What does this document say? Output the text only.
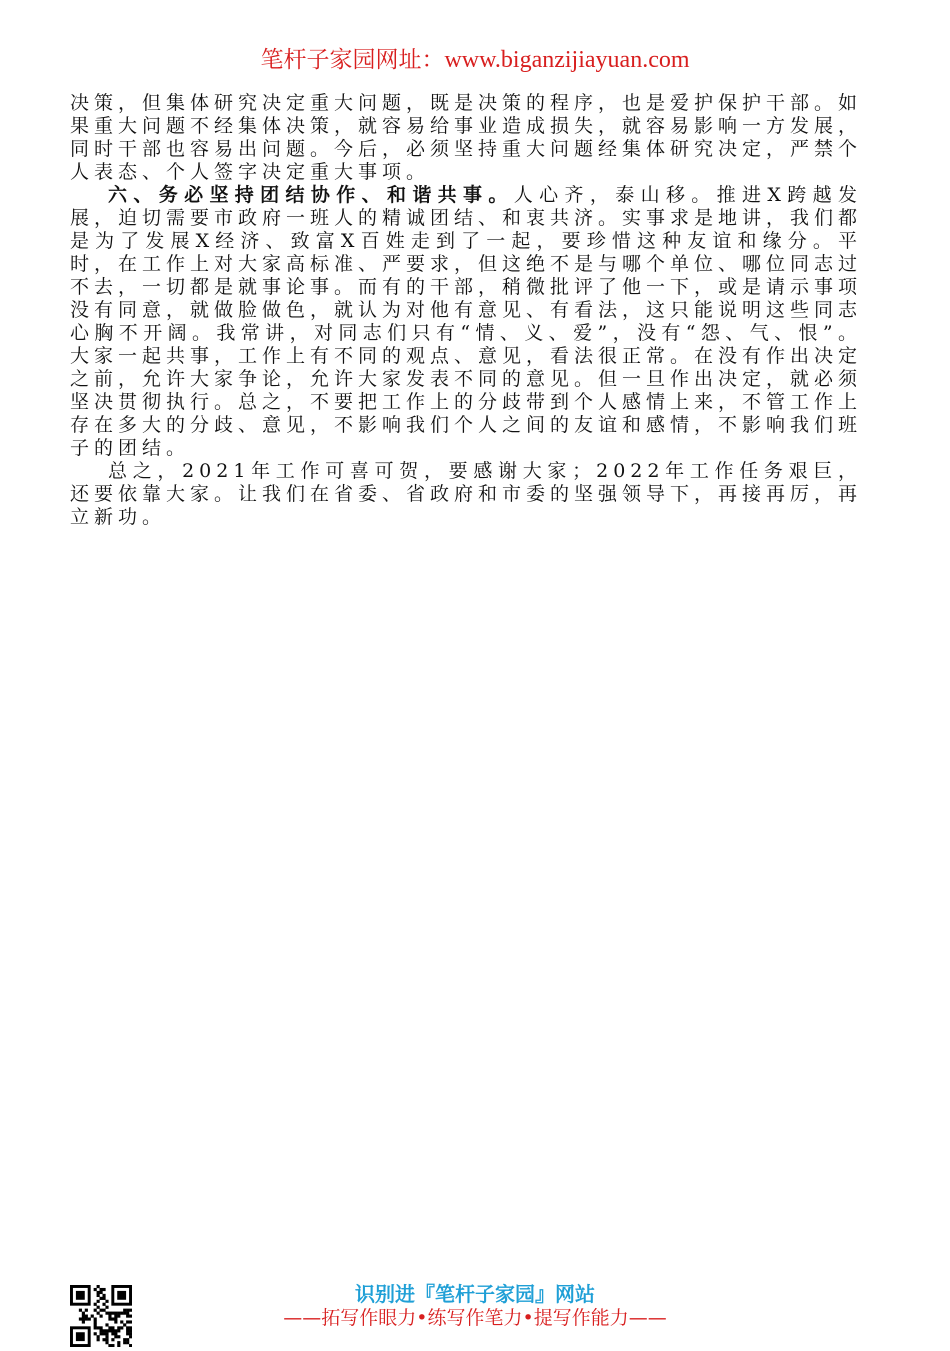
笔杆子家园网址：www.biganzijiayuan.com

决策，但集体研究决定重大问题，既是决策的程序，也是爱护保护干部。如果重大问题不经集体决策，就容易给事业造成损失，就容易影响一方发展，同时干部也容易出问题。今后，必须坚持重大问题经集体研究决定，严禁个人表态、个人签字决定重大事项。

六、务必坚持团结协作、和谐共事。人心齐，泰山移。推进X跨越发展，迫切需要市政府一班人的精诚团结、和衷共济。实事求是地讲，我们都是为了发展X经济、致富X百姓走到了一起，要珍惜这种友谊和缘分。平时，在工作上对大家高标准、严要求，但这绝不是与哪个单位、哪位同志过不去，一切都是就事论事。而有的干部，稍微批评了他一下，或是请示事项没有同意，就做脸做色，就认为对他有意见、有看法，这只能说明这些同志心胸不开阔。我常讲，对同志们只有“情、义、爱”，没有“怨、气、恨”。大家一起共事，工作上有不同的观点、意见，看法很正常。在没有作出决定之前，允许大家争论，允许大家发表不同的意见。但一旦作出决定，就必须坚决贯彻执行。总之，不要把工作上的分歧带到个人感情上来，不管工作上存在多大的分歧、意见，不影响我们个人之间的友谊和感情，不影响我们班子的团结。

总之，2021年工作可喜可贺，要感谢大家；2022年工作任务艰巨，还要依靠大家。让我们在省委、省政府和市委的坚强领导下，再接再厉，再立新功。

识别进『笔杆子家园』网站
——拓写作眼力•练写作笔力•提写作能力——
